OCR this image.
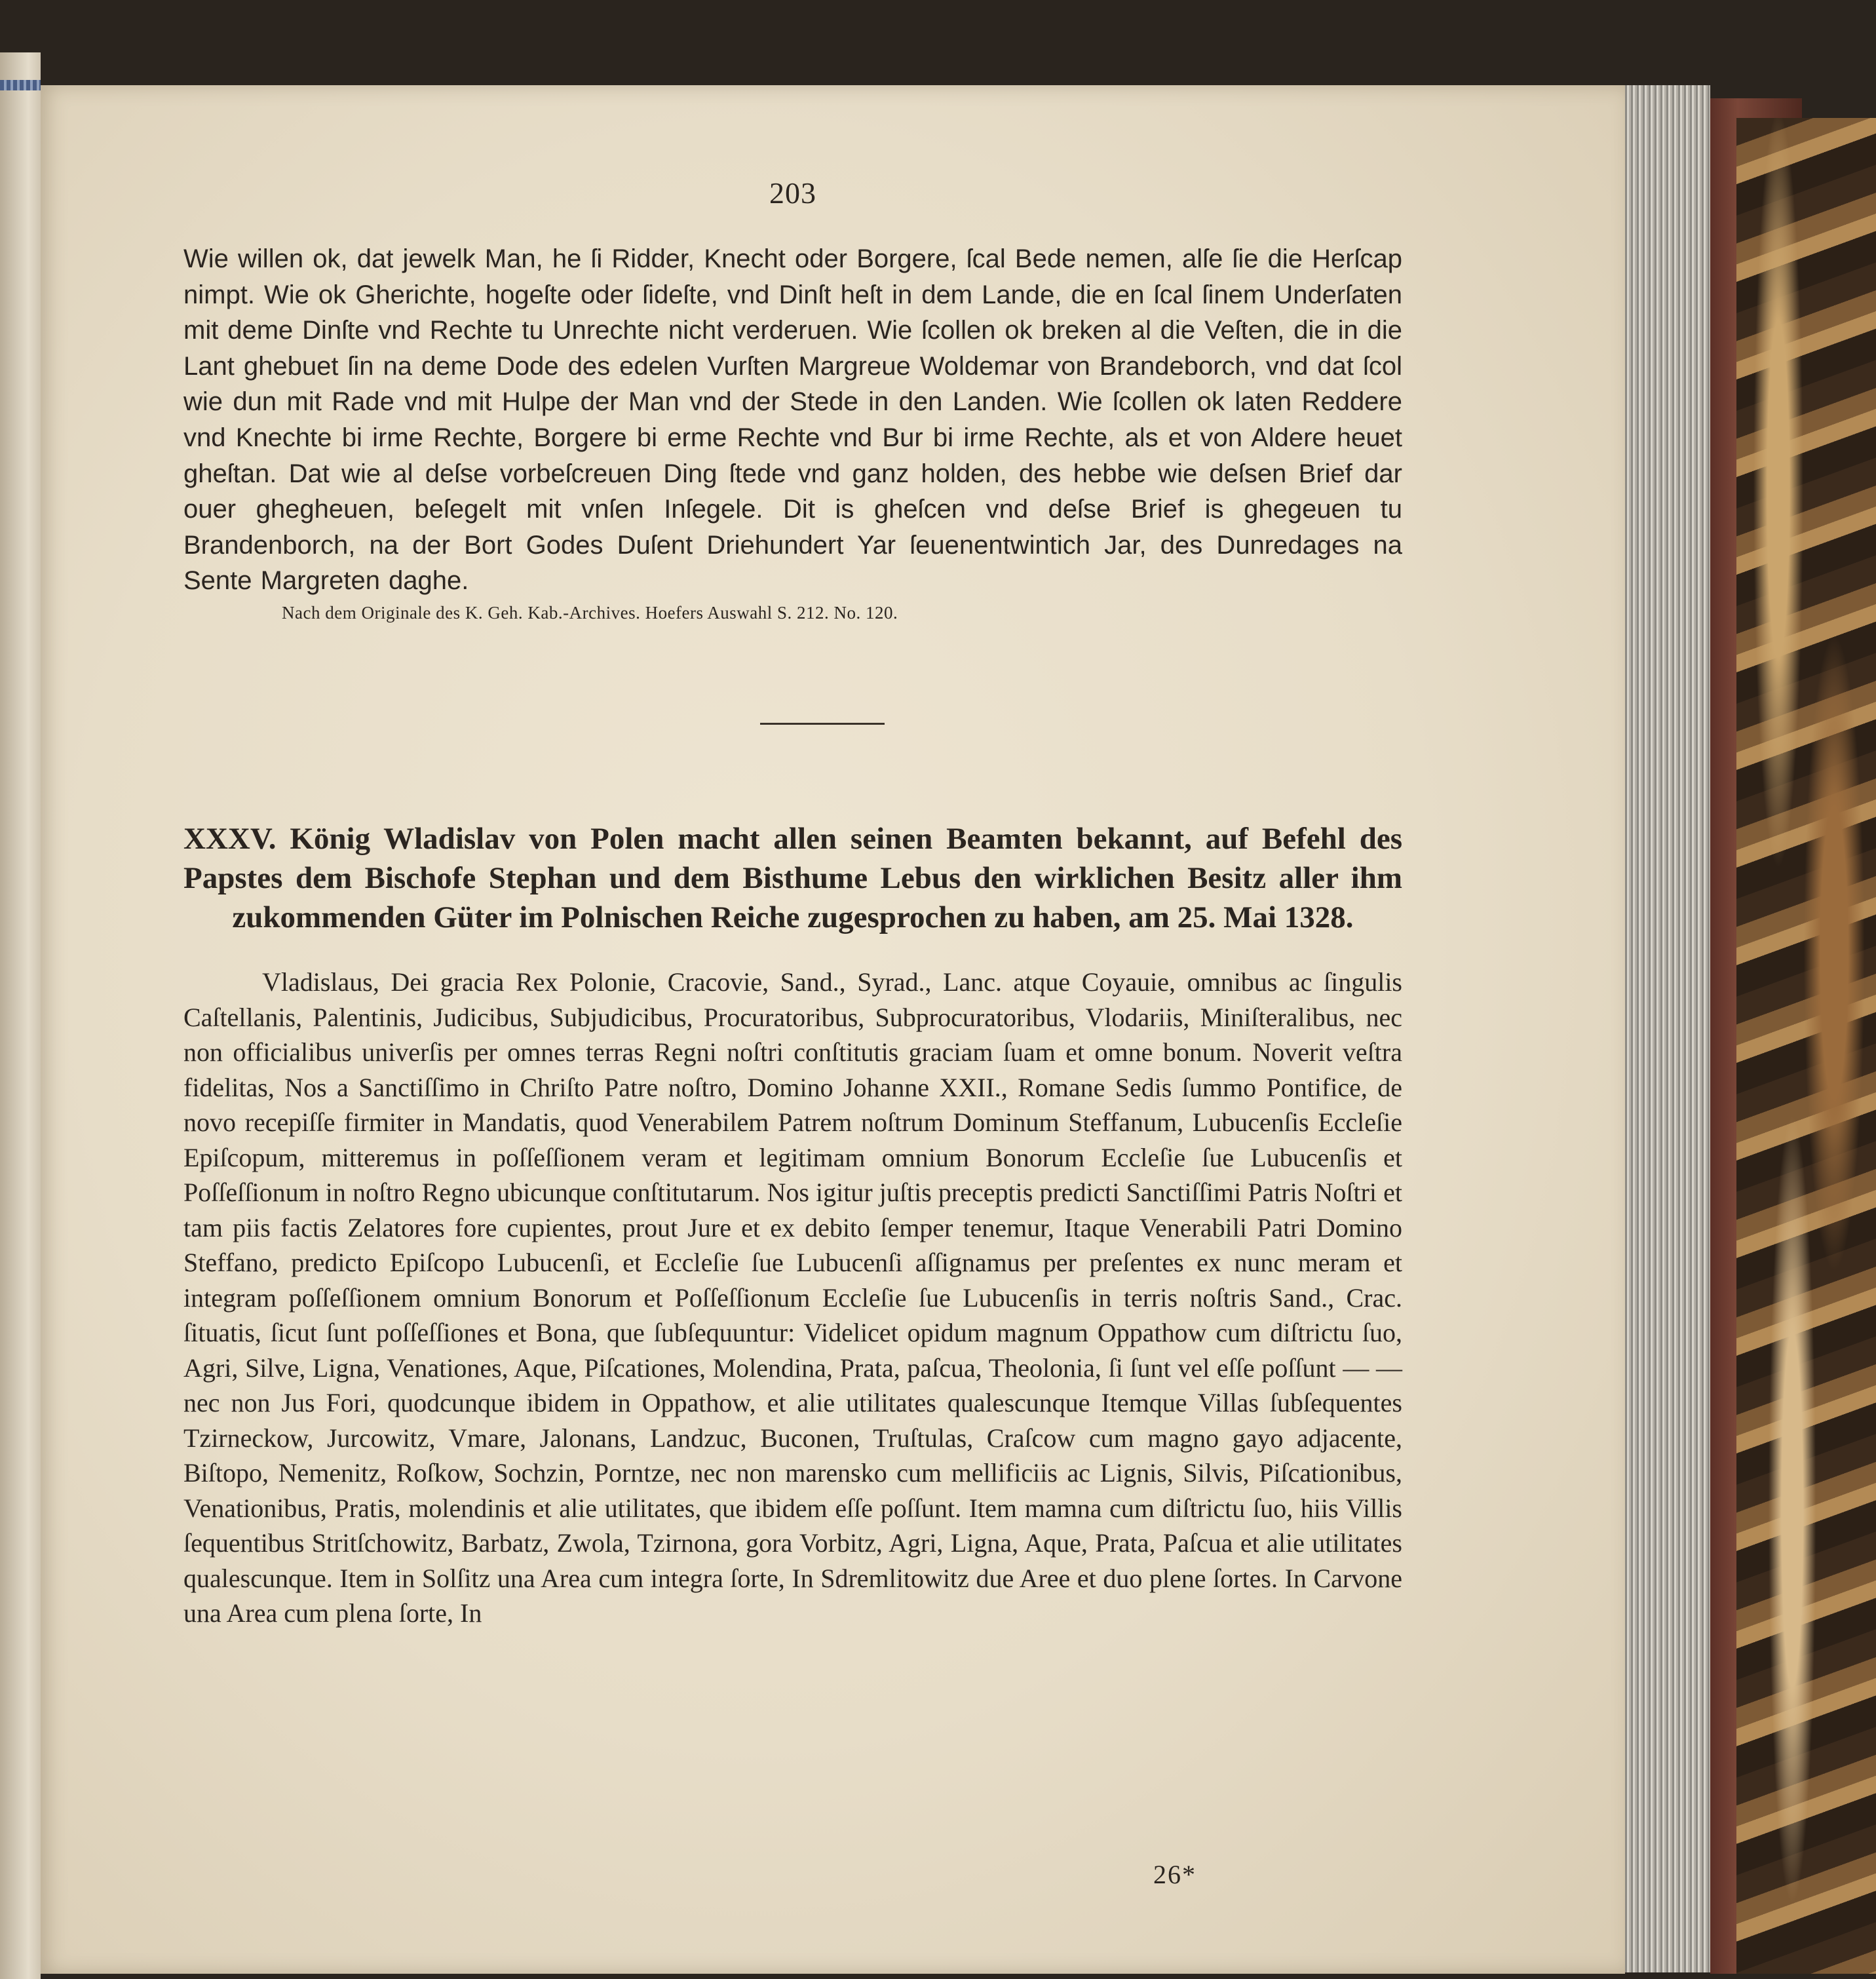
203

Wie willen ok, dat jewelk Man, he ſi Ridder, Knecht oder Borgere, ſcal Bede nemen, alſe ſie die Herſcap nimpt. Wie ok Gherichte, hogeſte oder ſideſte, vnd Dinſt heſt in dem Lande, die en ſcal ſinem Underſaten mit deme Dinſte vnd Rechte tu Unrechte nicht verderuen. Wie ſcollen ok breken al die Veſten, die in die Lant ghebuet ſin na deme Dode des edelen Vurſten Margreue Woldemar von Brandeborch, vnd dat ſcol wie dun mit Rade vnd mit Hulpe der Man vnd der Stede in den Landen. Wie ſcollen ok laten Reddere vnd Knechte bi irme Rechte, Borgere bi erme Rechte vnd Bur bi irme Rechte, als et von Aldere heuet gheſtan. Dat wie al deſse vorbeſcreuen Ding ſtede vnd ganz holden, des hebbe wie deſsen Brief dar ouer ghegheuen, beſegelt mit vnſen Inſegele. Dit is gheſcen vnd deſse Brief is ghegeuen tu Brandenborch, na der Bort Godes Duſent Driehundert Yar ſeuenentwintich Jar, des Dunredages na Sente Margreten daghe.

Nach dem Originale des K. Geh. Kab.-Archives. Hoefers Auswahl S. 212. No. 120.

XXXV. König Wladislav von Polen macht allen seinen Beamten bekannt, auf Befehl des Papstes dem Bischofe Stephan und dem Bisthume Lebus den wirklichen Besitz aller ihm zukommenden Güter im Polnischen Reiche zugesprochen zu haben, am 25. Mai 1328.

Vladislaus, Dei gracia Rex Polonie, Cracovie, Sand., Syrad., Lanc. atque Coyauie, omnibus ac ſingulis Caſtellanis, Palentinis, Judicibus, Subjudicibus, Procuratoribus, Subprocuratoribus, Vlodariis, Miniſteralibus, nec non officialibus univerſis per omnes terras Regni noſtri conſtitutis graciam ſuam et omne bonum. Noverit veſtra fidelitas, Nos a Sanctiſſimo in Chriſto Patre noſtro, Domino Johanne XXII., Romane Sedis ſummo Pontifice, de novo recepiſſe firmiter in Mandatis, quod Venerabilem Patrem noſtrum Dominum Steffanum, Lubucenſis Eccleſie Epiſcopum, mitteremus in poſſeſſionem veram et legitimam omnium Bonorum Eccleſie ſue Lubucenſis et Poſſeſſionum in noſtro Regno ubicunque conſtitutarum. Nos igitur juſtis preceptis predicti Sanctiſſimi Patris Noſtri et tam piis factis Zelatores fore cupientes, prout Jure et ex debito ſemper tenemur, Itaque Venerabili Patri Domino Steffano, predicto Epiſcopo Lubucenſi, et Eccleſie ſue Lubucenſi aſſignamus per preſentes ex nunc meram et integram poſſeſſionem omnium Bonorum et Poſſeſſionum Eccleſie ſue Lubucenſis in terris noſtris Sand., Crac. ſituatis, ſicut ſunt poſſeſſiones et Bona, que ſubſequuntur: Videlicet opidum magnum Oppathow cum diſtrictu ſuo, Agri, Silve, Ligna, Venationes, Aque, Piſcationes, Molendina, Prata, paſcua, Theolonia, ſi ſunt vel eſſe poſſunt — — nec non Jus Fori, quodcunque ibidem in Oppathow, et alie utilitates qualescunque Itemque Villas ſubſequentes Tzirneckow, Jurcowitz, Vmare, Jalonans, Landzuc, Buconen, Truſtulas, Craſcow cum magno gayo adjacente, Biſtopo, Nemenitz, Roſkow, Sochzin, Porntze, nec non marensko cum mellificiis ac Lignis, Silvis, Piſcationibus, Venationibus, Pratis, molendinis et alie utilitates, que ibidem eſſe poſſunt. Item mamna cum diſtrictu ſuo, hiis Villis ſequentibus Stritſchowitz, Barbatz, Zwola, Tzirnona, gora Vorbitz, Agri, Ligna, Aque, Prata, Paſcua et alie utilitates qualescunque. Item in Solſitz una Area cum integra ſorte, In Sdremlitowitz due Aree et duo plene ſortes. In Carvone una Area cum plena ſorte, In

26*
